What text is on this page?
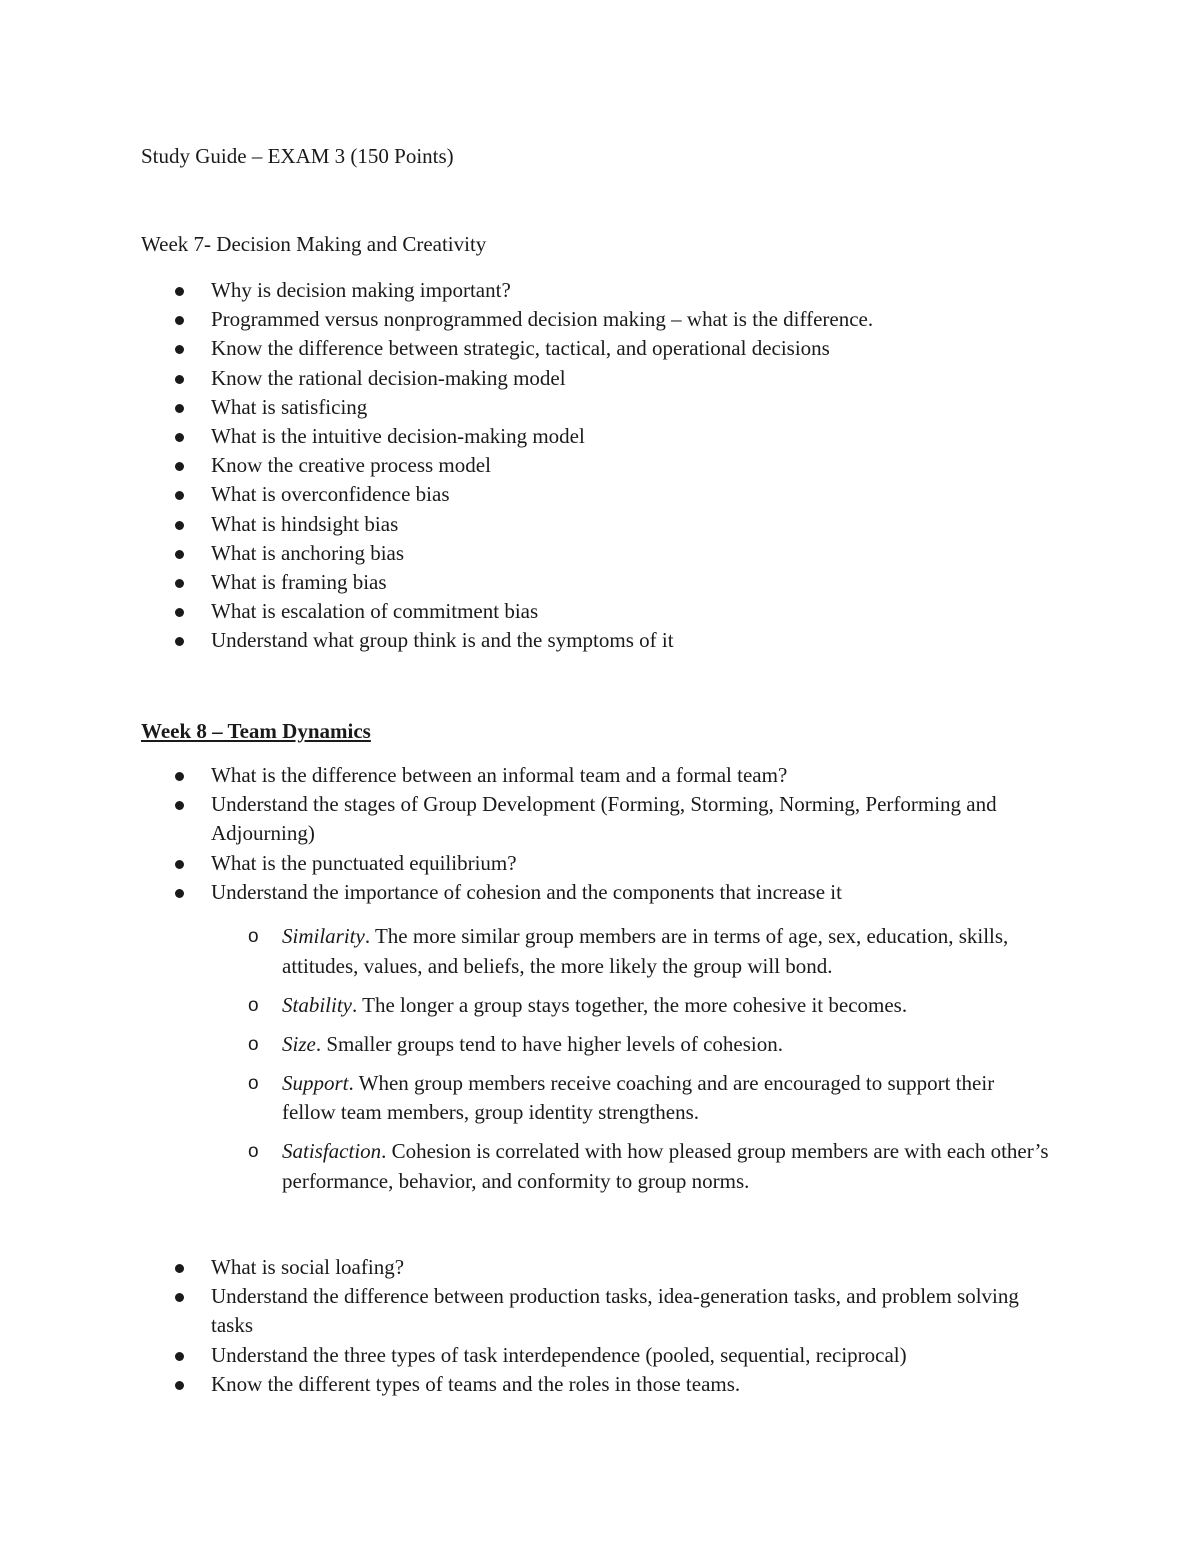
Study Guide – EXAM 3 (150 Points)
Week 7- Decision Making and Creativity
Why is decision making important?
Programmed versus nonprogrammed decision making – what is the difference.
Know the difference between strategic, tactical, and operational decisions
Know the rational decision-making model
What is satisficing
What is the intuitive decision-making model
Know the creative process model
What is overconfidence bias
What is hindsight bias
What is anchoring bias
What is framing bias
What is escalation of commitment bias
Understand what group think is and the symptoms of it
Week 8 – Team Dynamics
What is the difference between an informal team and a formal team?
Understand the stages of Group Development (Forming, Storming, Norming, Performing and Adjourning)
What is the punctuated equilibrium?
Understand the importance of cohesion and the components that increase it
o Similarity. The more similar group members are in terms of age, sex, education, skills, attitudes, values, and beliefs, the more likely the group will bond.
o Stability. The longer a group stays together, the more cohesive it becomes.
o Size. Smaller groups tend to have higher levels of cohesion.
o Support. When group members receive coaching and are encouraged to support their fellow team members, group identity strengthens.
o Satisfaction. Cohesion is correlated with how pleased group members are with each other’s performance, behavior, and conformity to group norms.
What is social loafing?
Understand the difference between production tasks, idea-generation tasks, and problem solving tasks
Understand the three types of task interdependence (pooled, sequential, reciprocal)
Know the different types of teams and the roles in those teams.
